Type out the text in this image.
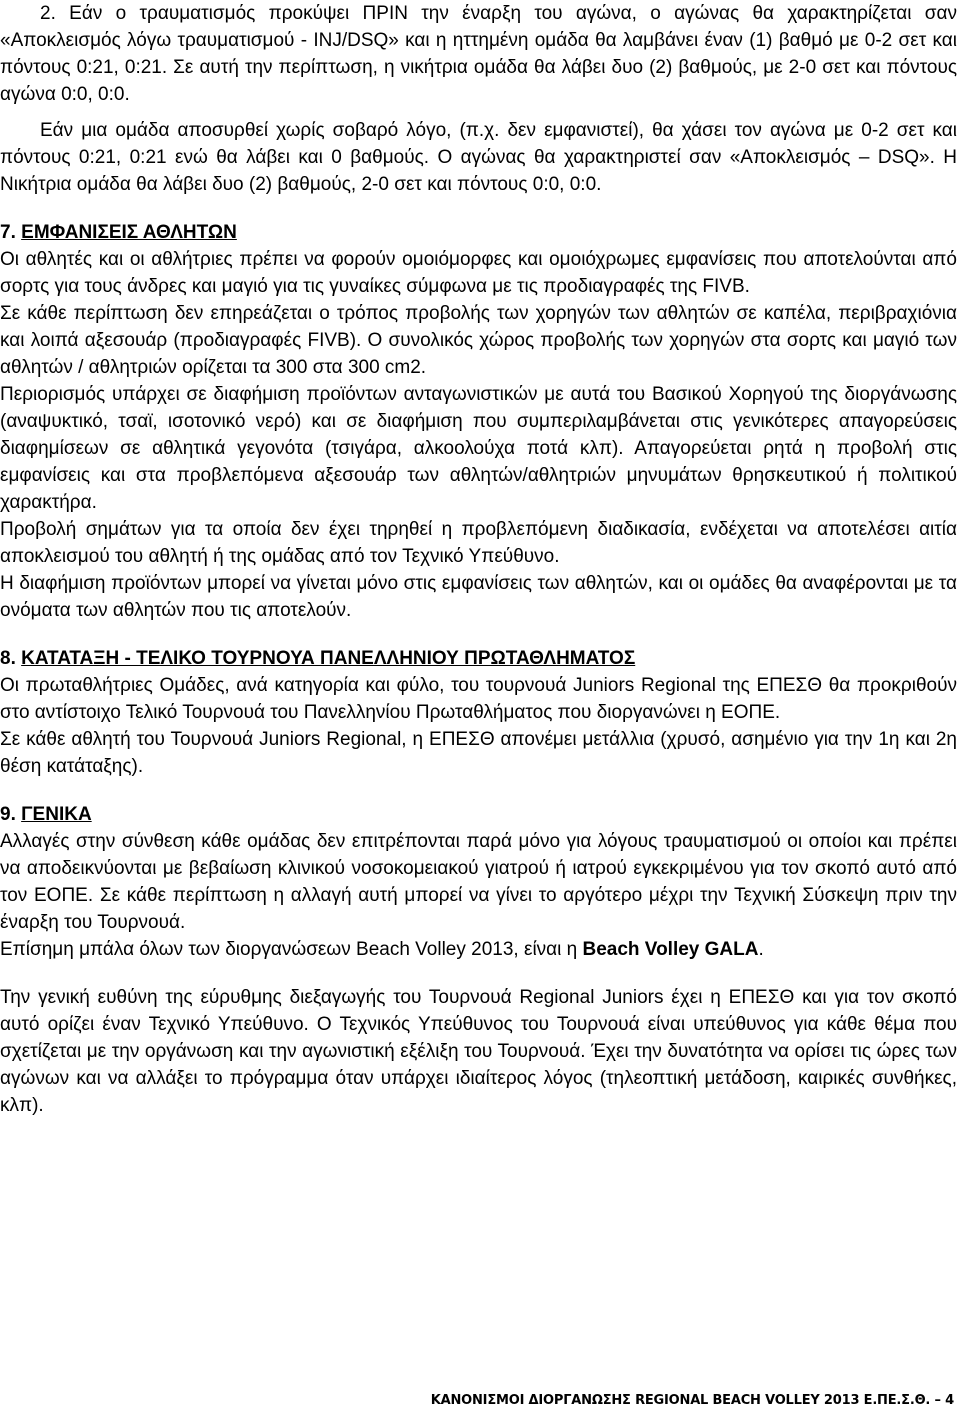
2. Εάν ο τραυματισμός προκύψει ΠΡΙΝ την έναρξη του αγώνα, ο αγώνας θα χαρακτηρίζεται σαν «Αποκλεισμός λόγω τραυματισμού - INJ/DSQ» και η ηττημένη ομάδα θα λαμβάνει έναν (1) βαθμό με 0-2 σετ και πόντους 0:21, 0:21. Σε αυτή την περίπτωση, η νικήτρια ομάδα θα λάβει δυο (2) βαθμούς, με 2-0 σετ και πόντους αγώνα 0:0, 0:0.

Εάν μια ομάδα αποσυρθεί χωρίς σοβαρό λόγο, (π.χ. δεν εμφανιστεί), θα χάσει τον αγώνα με 0-2 σετ και πόντους 0:21, 0:21 ενώ θα λάβει και 0 βαθμούς. Ο αγώνας θα χαρακτηριστεί σαν «Αποκλεισμός – DSQ». Η Νικήτρια ομάδα θα λάβει δυο (2) βαθμούς, 2-0 σετ και πόντους 0:0, 0:0.

7. ΕΜΦΑΝΙΣΕΙΣ ΑΘΛΗΤΩΝ

Οι αθλητές και οι αθλήτριες πρέπει να φορούν ομοιόμορφες και ομοιόχρωμες εμφανίσεις που αποτελούνται από σορτς για τους άνδρες και μαγιό για τις γυναίκες σύμφωνα με τις προδιαγραφές της FIVB.

Σε κάθε περίπτωση δεν επηρεάζεται ο τρόπος προβολής των χορηγών των αθλητών σε καπέλα, περιβραχιόνια και λοιπά αξεσουάρ (προδιαγραφές FIVB). Ο συνολικός χώρος προβολής των χορηγών στα σορτς και μαγιό των αθλητών / αθλητριών ορίζεται τα 300 στα 300 cm2.

Περιορισμός υπάρχει σε διαφήμιση προϊόντων ανταγωνιστικών με αυτά του Βασικού Χορηγού της διοργάνωσης (αναψυκτικό, τσαϊ, ισοτονικό νερό) και σε διαφήμιση που συμπεριλαμβάνεται στις γενικότερες απαγορεύσεις διαφημίσεων σε αθλητικά γεγονότα (τσιγάρα, αλκοολούχα ποτά κλπ). Απαγορεύεται ρητά η προβολή στις εμφανίσεις και στα προβλεπόμενα αξεσουάρ των αθλητών/αθλητριών μηνυμάτων θρησκευτικού ή πολιτικού χαρακτήρα.

Προβολή σημάτων για τα οποία δεν έχει τηρηθεί η προβλεπόμενη διαδικασία, ενδέχεται να αποτελέσει αιτία αποκλεισμού του αθλητή ή της ομάδας από τον Τεχνικό Υπεύθυνο.

Η διαφήμιση προϊόντων μπορεί να γίνεται μόνο στις εμφανίσεις των αθλητών, και οι ομάδες θα αναφέρονται με τα ονόματα των αθλητών που τις αποτελούν.

8. ΚΑΤΑΤΑΞΗ - ΤΕΛΙΚΟ ΤΟΥΡΝΟΥΑ ΠΑΝΕΛΛΗΝΙΟΥ ΠΡΩΤΑΘΛΗΜΑΤΟΣ

Οι πρωταθλήτριες Ομάδες, ανά κατηγορία και φύλο, του τουρνουά Juniors Regional της ΕΠΕΣΘ θα προκριθούν στο αντίστοιχο Τελικό Τουρνουά του Πανελληνίου Πρωταθλήματος που διοργανώνει η ΕΟΠΕ.

Σε κάθε αθλητή του Τουρνουά Juniors Regional, η ΕΠΕΣΘ απονέμει μετάλλια (χρυσό, ασημένιο για την 1η και 2η θέση κατάταξης).

9. ΓΕΝΙΚΑ

Αλλαγές στην σύνθεση κάθε ομάδας δεν επιτρέπονται παρά μόνο για λόγους τραυματισμού οι οποίοι και πρέπει να αποδεικνύονται με βεβαίωση κλινικού νοσοκομειακού γιατρού ή ιατρού εγκεκριμένου για τον σκοπό αυτό από τον ΕΟΠΕ. Σε κάθε περίπτωση η αλλαγή αυτή μπορεί να γίνει το αργότερο μέχρι την Τεχνική Σύσκεψη πριν την έναρξη του Τουρνουά.

Επίσημη μπάλα όλων των διοργανώσεων Beach Volley 2013, είναι η Beach Volley GALA.

Την γενική ευθύνη της εύρυθμης διεξαγωγής του Τουρνουά Regional Juniors έχει η ΕΠΕΣΘ και για τον σκοπό αυτό ορίζει έναν Τεχνικό Υπεύθυνο. Ο Τεχνικός Υπεύθυνος του Τουρνουά είναι υπεύθυνος για κάθε θέμα που σχετίζεται με την οργάνωση και την αγωνιστική εξέλιξη του Τουρνουά. Έχει την δυνατότητα να ορίσει τις ώρες των αγώνων και να αλλάξει το πρόγραμμα όταν υπάρχει ιδιαίτερος λόγος (τηλεοπτική μετάδοση, καιρικές συνθήκες, κλπ).

ΚΑΝΟΝΙΣΜΟΙ ΔΙΟΡΓΑΝΩΣΗΣ REGIONAL BEACH VOLLEY 2013 Ε.ΠΕ.Σ.Θ. – 4
